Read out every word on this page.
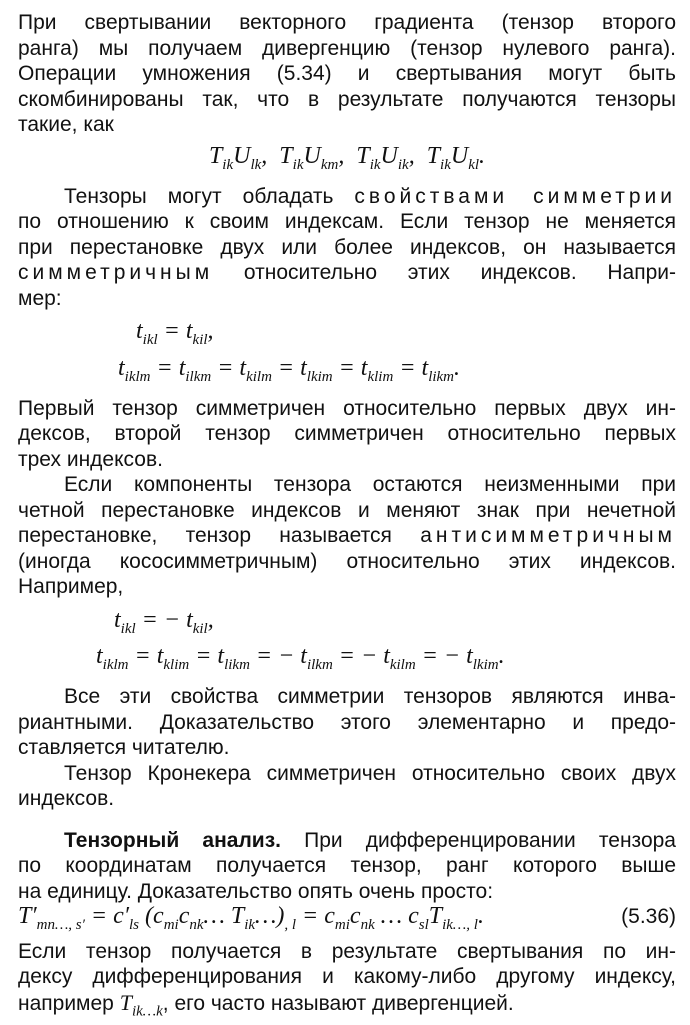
При свертывании векторного градиента (тензор второго
ранга) мы получаем дивергенцию (тензор нулевого ранга).
Операции умножения (5.34) и свертывания могут быть
скомбинированы так, что в результате получаются тензоры
такие, как

$T_{ik}U_{lk}$,  $T_{ik}U_{km}$,  $T_{ik}U_{ik}$,  $T_{ik}U_{kl}$.

Тензоры могут обладать свойствами симметрии
по отношению к своим индексам. Если тензор не меняется
при перестановке двух или более индексов, он называется
симметричным относительно этих индексов. Напри-
мер:

$t_{ikl} = t_{kil}$,
$t_{iklm} = t_{ilkm} = t_{kilm} = t_{lkim} = t_{klim} = t_{likm}$.

Первый тензор симметричен относительно первых двух ин-
дексов, второй тензор симметричен относительно первых
трех индексов.

Если компоненты тензора остаются неизменными при
четной перестановке индексов и меняют знак при нечетной
перестановке, тензор называется антисимметричным
(иногда кососимметричным) относительно этих индексов.
Например,

$t_{ikl}$ = − $t_{kil}$,
$t_{iklm} = t_{klim} = t_{likm}$ = − $t_{ilkm}$ = − $t_{kilm}$ = − $t_{lkim}$.

Все эти свойства симметрии тензоров являются инва-
риантными. Доказательство этого элементарно и предо-
ставляется читателю.

Тензор Кронекера симметричен относительно своих двух
индексов.

Тензорный анализ. При дифференцировании тензора
по координатам получается тензор, ранг которого выше
на единицу. Доказательство опять очень просто:

$T'_{mn\dots, s'} = c'_{ls}$ ($c_{mi}c_{nk}\dots$ $T_{ik}\dots)_{, l} = c_{mi}c_{nk}$ … $c_{sl}T_{ik\dots, l}$.	(5.36)

Если тензор получается в результате свертывания по ин-
дексу дифференцирования и какому-либо другому индексу,
например $T_{ik\dots k}$, его часто называют дивергенцией.
